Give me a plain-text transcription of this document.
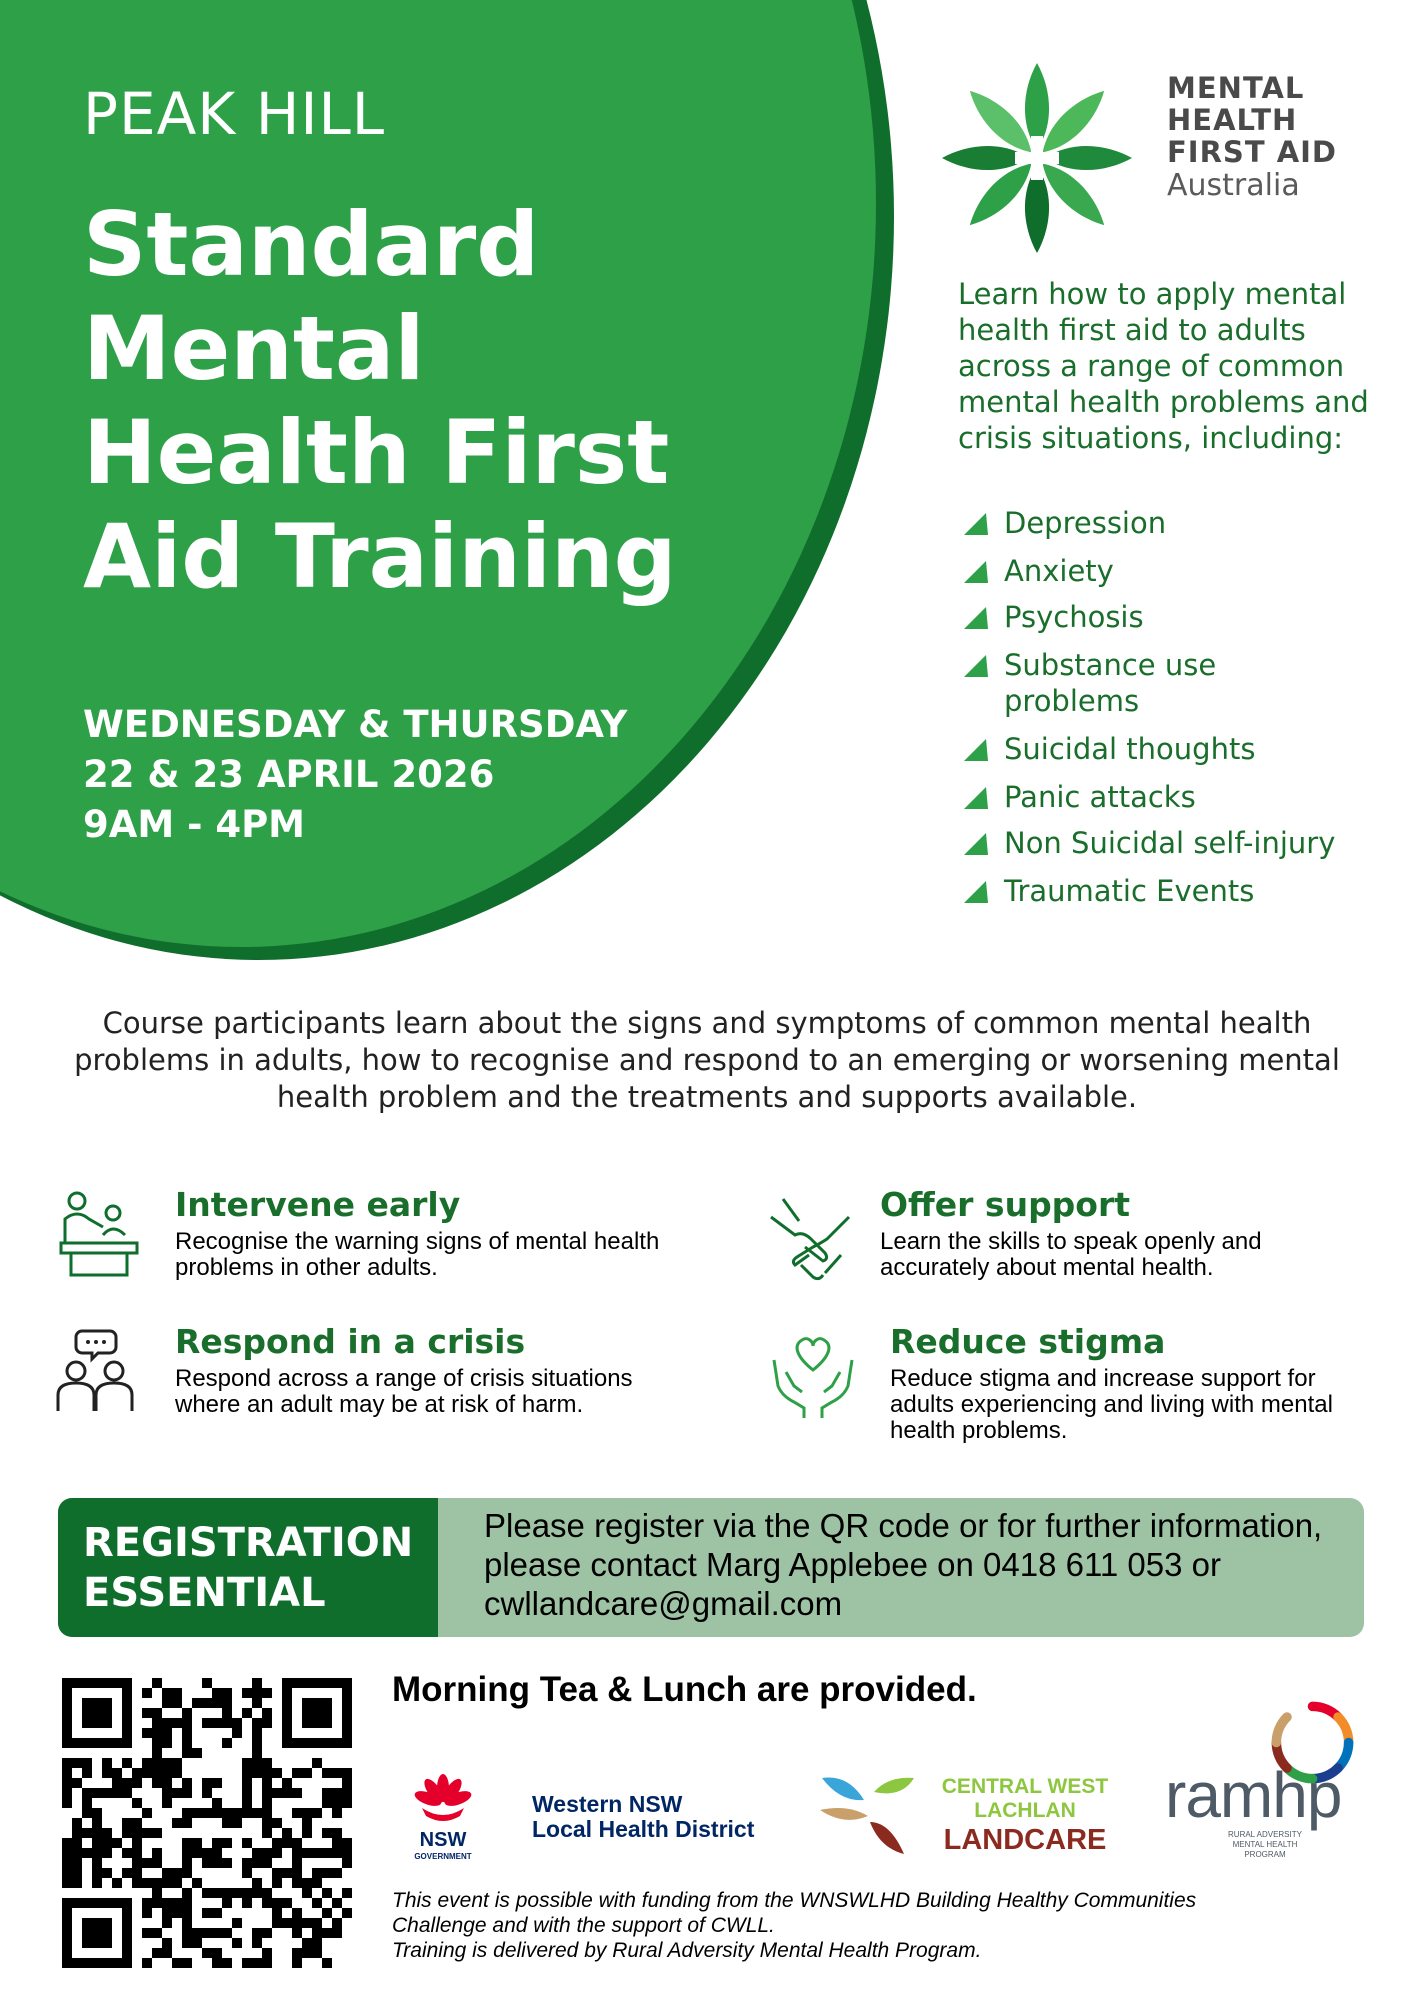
PEAK HILL
Standard
Mental
Health First
Aid Training
WEDNESDAY & THURSDAY
22 & 23 APRIL 2026
9AM - 4PM
MENTAL
HEALTH
FIRST AID
Australia
Learn how to apply mental health first aid to adults across a range of common mental health problems and crisis situations, including:
Depression
Anxiety
Psychosis
Substance use problems
Suicidal thoughts
Panic attacks
Non Suicidal self-injury
Traumatic Events
Course participants learn about the signs and symptoms of common mental health problems in adults, how to recognise and respond to an emerging or worsening mental health problem and the treatments and supports available.
Intervene early
Recognise the warning signs of mental health problems in other adults.
Offer support
Learn the skills to speak openly and accurately about mental health.
Respond in a crisis
Respond across a range of crisis situations where an adult may be at risk of harm.
Reduce stigma
Reduce stigma and increase support for adults experiencing and living with mental health problems.
REGISTRATION
ESSENTIAL
Please register via the QR code or for further information, please contact Marg Applebee on 0418 611 053 or cwllandcare@gmail.com
Morning Tea & Lunch are provided.
NSW
GOVERNMENT
Western NSW
Local Health District
CENTRAL WEST
LACHLAN
LANDCARE
ramhp
RURAL ADVERSITY
MENTAL HEALTH
PROGRAM
This event is possible with funding from the WNSWLHD Building Healthy Communities
Challenge and with the support of CWLL.
Training is delivered by Rural Adversity Mental Health Program.
